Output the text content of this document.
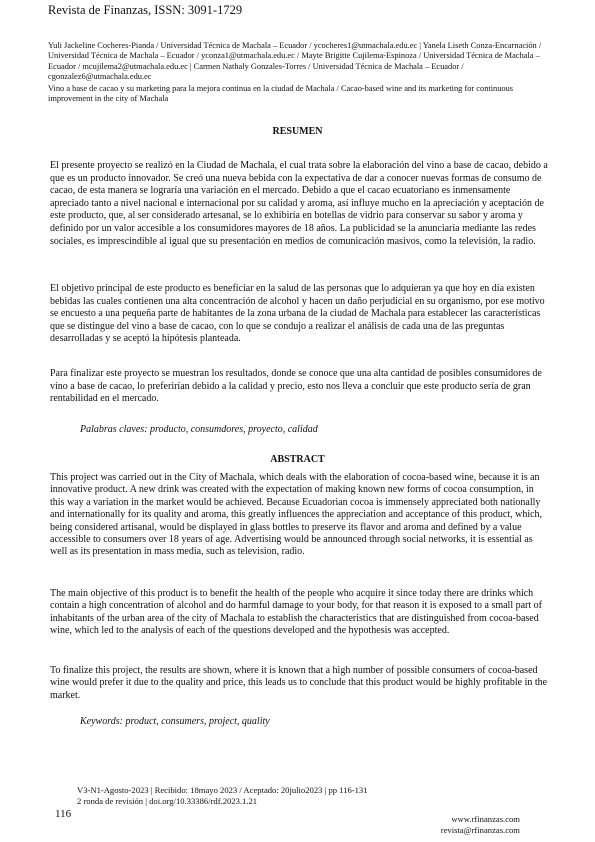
Revista de Finanzas, ISSN: 3091-1729
Yuli Jackeline Cocheres-Pianda / Universidad Técnica de Machala – Ecuador / ycocheres1@utmachala.edu.ec | Yanela Liseth Conza-Encarnación / Universidad Técnica de Machala – Ecuador / yconza1@utmachala.edu.ec / Mayte Brigitte Cujilema-Espinoza / Universidad Técnica de Machala – Ecuador / mcujilema2@utmachala.edu.ec | Carmen Nathaly Gonzales-Torres / Universidad Técnica de Machala – Ecuador / cgonzalez6@utmachala.edu.ec
Vino a base de cacao y su marketing para la mejora continua en la ciudad de Machala / Cacao-based wine and its marketing for continuous improvement in the city of Machala
RESUMEN

El presente proyecto se realizó en la Ciudad de Machala, el cual trata sobre la elaboración del vino a base de cacao, debido a que es un producto innovador. Se creó una nueva bebida con la expectativa de dar a conocer nuevas formas de consumo de cacao, de esta manera se lograría una variación en el mercado. Debido a que el cacao ecuatoriano es inmensamente apreciado tanto a nivel nacional e internacional por su calidad y aroma, así influye mucho en la apreciación y aceptación de este producto, que, al ser considerado artesanal, se lo exhibiría en botellas de vidrio para conservar su sabor y aroma y definido por un valor accesible a los consumidores mayores de 18 años. La publicidad se la anunciaría mediante las redes sociales, es imprescindible al igual que su presentación en medios de comunicación masivos, como la televisión, la radio.

El objetivo principal de este producto es beneficiar en la salud de las personas que lo adquieran ya que hoy en día existen bebidas las cuales contienen una alta concentración de alcohol y hacen un daño perjudicial en su organismo, por ese motivo se encuesto a una pequeña parte de habitantes de la zona urbana de la ciudad de Machala para establecer las características que se distingue del vino a base de cacao, con lo que se condujo a realizar el análisis de cada una de las preguntas desarrolladas y se aceptó la hipótesis planteada.

Para finalizar este proyecto se muestran los resultados, donde se conoce que una alta cantidad de posibles consumidores de vino a base de cacao, lo preferirían debido a la calidad y precio, esto nos lleva a concluir que este producto sería de gran rentabilidad en el mercado.

Palabras claves: producto, consumdores, proyecto, calidad
ABSTRACT

This project was carried out in the City of Machala, which deals with the elaboration of cocoa-based wine, because it is an innovative product. A new drink was created with the expectation of making known new forms of cocoa consumption, in this way a variation in the market would be achieved. Because Ecuadorian cocoa is immensely appreciated both nationally and internationally for its quality and aroma, this greatly influences the appreciation and acceptance of this product, which, being considered artisanal, would be displayed in glass bottles to preserve its flavor and aroma and defined by a value accessible to consumers over 18 years of age. Advertising would be announced through social networks, it is essential as well as its presentation in mass media, such as television, radio.

The main objective of this product is to benefit the health of the people who acquire it since today there are drinks which contain a high concentration of alcohol and do harmful damage to your body, for that reason it is exposed to a small part of inhabitants of the urban area of the city of Machala to establish the characteristics that are distinguished from cocoa-based wine, which led to the analysis of each of the questions developed and the hypothesis was accepted.

To finalize this project, the results are shown, where it is known that a high number of possible consumers of cocoa-based wine would prefer it due to the quality and price, this leads us to conclude that this product would be highly profitable in the market.

Keywords: product, consumers, project, quality
V3-N1-Agosto-2023 | Recibido: 18mayo 2023 / Aceptado: 20julio2023 | pp 116-131
2 ronda de revisión | doi.org/10.33386/rdf.2023.1.21
116	www.rfinanzas.com
revista@rfinanzas.com
